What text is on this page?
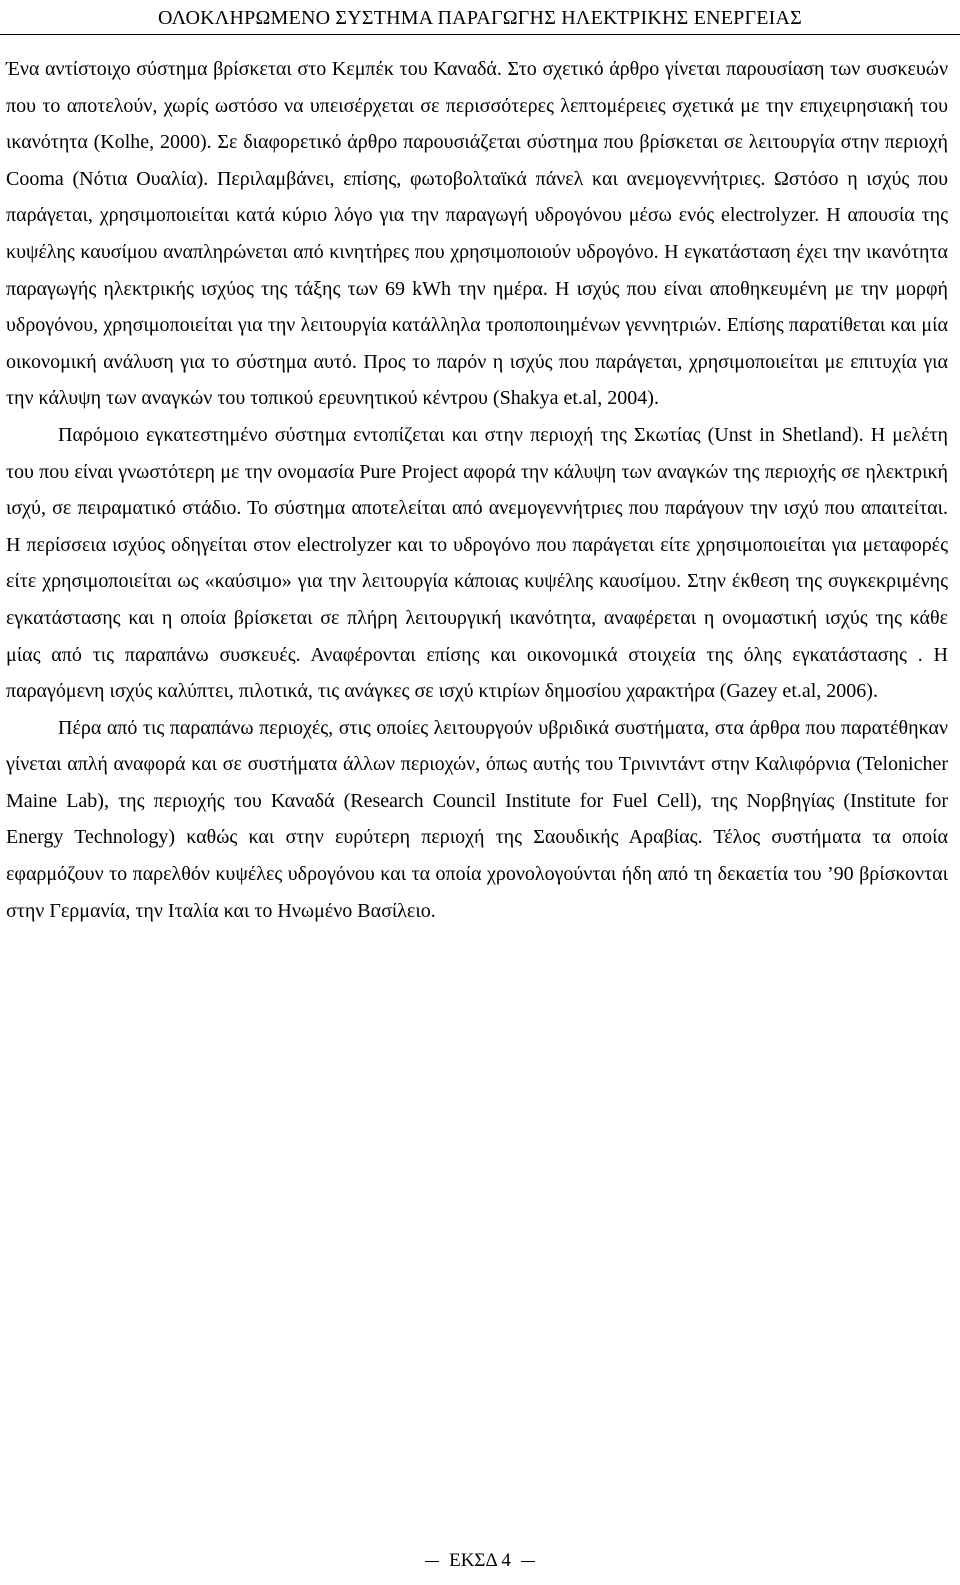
ΟΛΟΚΛΗΡΩΜΕΝΟ ΣΥΣΤΗΜΑ ΠΑΡΑΓΩΓΗΣ ΗΛΕΚΤΡΙΚΗΣ ΕΝΕΡΓΕΙΑΣ

Ένα αντίστοιχο σύστημα βρίσκεται στο Κεμπέκ του Καναδά. Στο σχετικό άρθρο γίνεται παρουσίαση των συσκευών που το αποτελούν, χωρίς ωστόσο να υπεισέρχεται σε περισσότερες λεπτομέρειες σχετικά με την επιχειρησιακή του ικανότητα (Kolhe, 2000). Σε διαφορετικό άρθρο παρουσιάζεται σύστημα που βρίσκεται σε λειτουργία στην περιοχή Cooma (Νότια Ουαλία). Περιλαμβάνει, επίσης, φωτοβολταϊκά πάνελ και ανεμογεννήτριες. Ωστόσο η ισχύς που παράγεται, χρησιμοποιείται κατά κύριο λόγο για την παραγωγή υδρογόνου μέσω ενός electrolyzer. Η απουσία της κυψέλης καυσίμου αναπληρώνεται από κινητήρες που χρησιμοποιούν υδρογόνο. Η εγκατάσταση έχει την ικανότητα παραγωγής ηλεκτρικής ισχύος της τάξης των 69 kWh την ημέρα. Η ισχύς που είναι αποθηκευμένη με την μορφή υδρογόνου, χρησιμοποιείται για την λειτουργία κατάλληλα τροποποιημένων γεννητριών. Επίσης παρατίθεται και μία οικονομική ανάλυση για το σύστημα αυτό. Προς το παρόν η ισχύς που παράγεται, χρησιμοποιείται με επιτυχία για την κάλυψη των αναγκών του τοπικού ερευνητικού κέντρου (Shakya et.al, 2004).

Παρόμοιο εγκατεστημένο σύστημα εντοπίζεται και στην περιοχή της Σκωτίας (Unst in Shetland). Η μελέτη του που είναι γνωστότερη με την ονομασία Pure Project αφορά την κάλυψη των αναγκών της περιοχής σε ηλεκτρική ισχύ, σε πειραματικό στάδιο. Το σύστημα αποτελείται από ανεμογεννήτριες που παράγουν την ισχύ που απαιτείται. Η περίσσεια ισχύος οδηγείται στον electrolyzer και το υδρογόνο που παράγεται είτε χρησιμοποιείται για μεταφορές είτε χρησιμοποιείται ως «καύσιμο» για την λειτουργία κάποιας κυψέλης καυσίμου. Στην έκθεση της συγκεκριμένης εγκατάστασης και η οποία βρίσκεται σε πλήρη λειτουργική ικανότητα, αναφέρεται η ονομαστική ισχύς της κάθε μίας από τις παραπάνω συσκευές. Αναφέρονται επίσης και οικονομικά στοιχεία της όλης εγκατάστασης . Η παραγόμενη ισχύς καλύπτει, πιλοτικά, τις ανάγκες σε ισχύ κτιρίων δημοσίου χαρακτήρα (Gazey et.al, 2006).

Πέρα από τις παραπάνω περιοχές, στις οποίες λειτουργούν υβριδικά συστήματα, στα άρθρα που παρατέθηκαν γίνεται απλή αναφορά και σε συστήματα άλλων περιοχών, όπως αυτής του Τρινιντάντ στην Καλιφόρνια (Telonicher Maine Lab), της περιοχής του Καναδά (Research Council Institute for Fuel Cell), της Νορβηγίας (Institute for Energy Technology) καθώς και στην ευρύτερη περιοχή της Σαουδικής Αραβίας. Τέλος συστήματα τα οποία εφαρμόζουν το παρελθόν κυψέλες υδρογόνου και τα οποία χρονολογούνται ήδη από τη δεκαετία του ’90 βρίσκονται στην Γερμανία, την Ιταλία και το Ηνωμένο Βασίλειο.

ΕΚΣΔ 4
